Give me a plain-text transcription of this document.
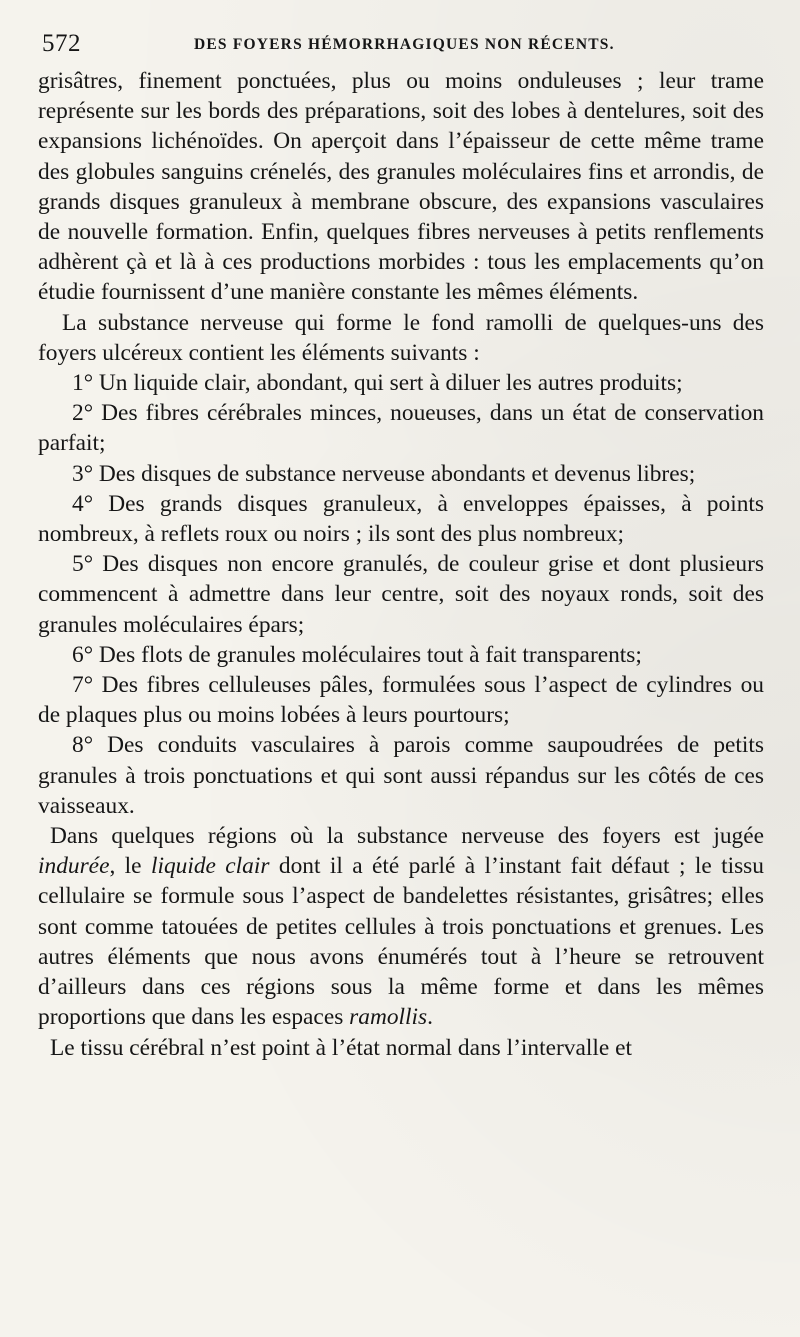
572	DES FOYERS HÉMORRHAGIQUES NON RÉCENTS.

grisâtres, finement ponctuées, plus ou moins onduleuses ; leur trame représente sur les bords des préparations, soit des lobes à dentelures, soit des expansions lichénoïdes. On aperçoit dans l’épaisseur de cette même trame des globules sanguins crénelés, des granules moléculaires fins et arrondis, de grands disques granuleux à membrane obscure, des expansions vasculaires de nouvelle formation. Enfin, quelques fibres nerveuses à petits renflements adhèrent çà et là à ces productions morbides : tous les emplacements qu’on étudie fournissent d’une manière constante les mêmes éléments.

La substance nerveuse qui forme le fond ramolli de quelques-uns des foyers ulcéreux contient les éléments suivants :

1° Un liquide clair, abondant, qui sert à diluer les autres produits;

2° Des fibres cérébrales minces, noueuses, dans un état de conservation parfait;

3° Des disques de substance nerveuse abondants et devenus libres;

4° Des grands disques granuleux, à enveloppes épaisses, à points nombreux, à reflets roux ou noirs ; ils sont des plus nombreux;

5° Des disques non encore granulés, de couleur grise et dont plusieurs commencent à admettre dans leur centre, soit des noyaux ronds, soit des granules moléculaires épars;

6° Des flots de granules moléculaires tout à fait transparents;

7° Des fibres celluleuses pâles, formulées sous l’aspect de cylindres ou de plaques plus ou moins lobées à leurs pourtours;

8° Des conduits vasculaires à parois comme saupoudrées de petits granules à trois ponctuations et qui sont aussi répandus sur les côtés de ces vaisseaux.

Dans quelques régions où la substance nerveuse des foyers est jugée indurée, le liquide clair dont il a été parlé à l’instant fait défaut ; le tissu cellulaire se formule sous l’aspect de bandelettes résistantes, grisâtres; elles sont comme tatouées de petites cellules à trois ponctuations et grenues. Les autres éléments que nous avons énumérés tout à l’heure se retrouvent d’ailleurs dans ces régions sous la même forme et dans les mêmes proportions que dans les espaces ramollis.

Le tissu cérébral n’est point à l’état normal dans l’intervalle et
